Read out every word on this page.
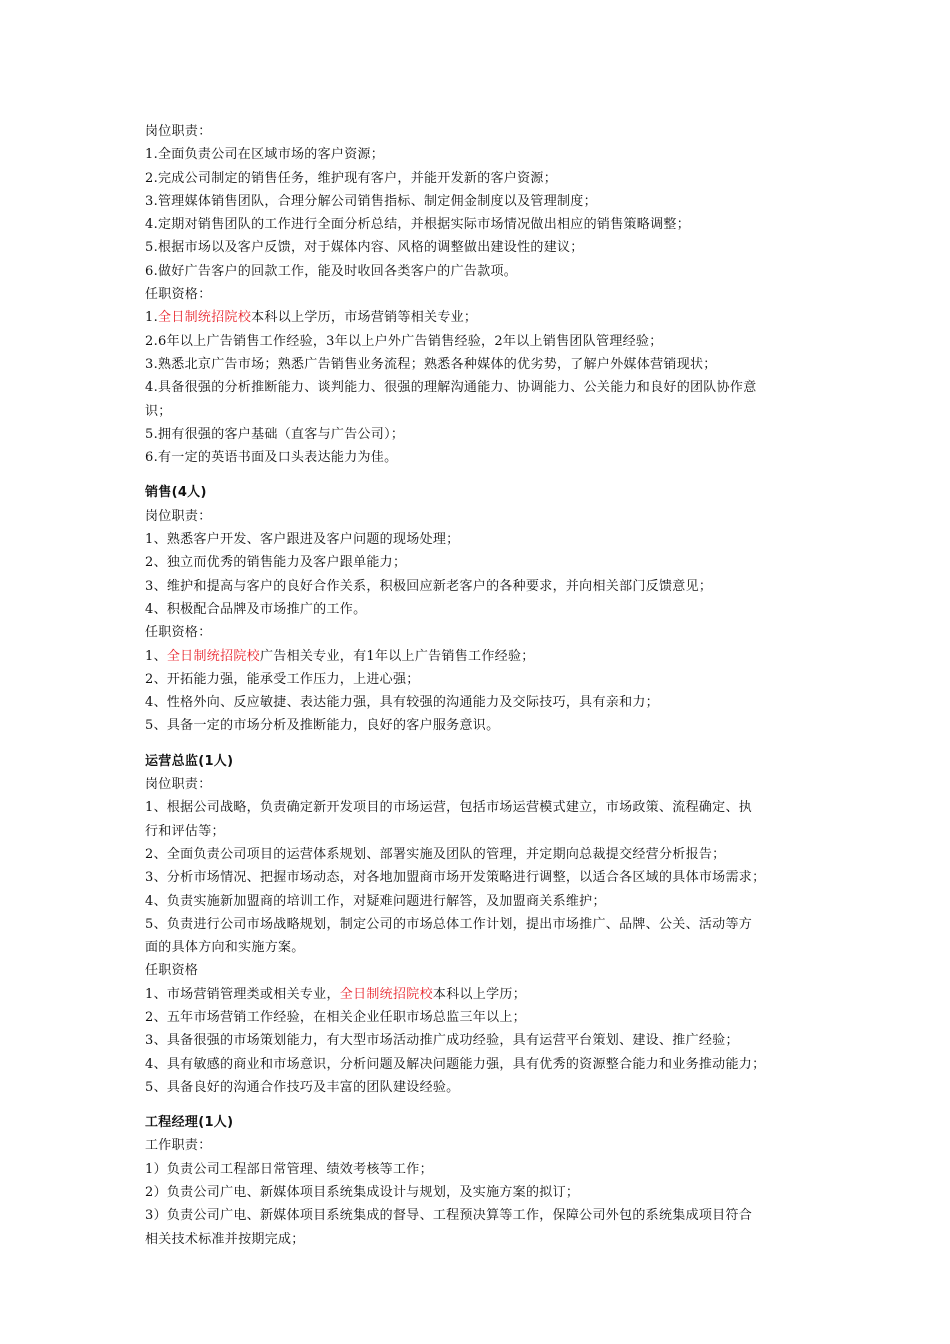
岗位职责：
1.全面负责公司在区域市场的客户资源；
2.完成公司制定的销售任务，维护现有客户，并能开发新的客户资源；
3.管理媒体销售团队，合理分解公司销售指标、制定佣金制度以及管理制度；
4.定期对销售团队的工作进行全面分析总结，并根据实际市场情况做出相应的销售策略调整；
5.根据市场以及客户反馈，对于媒体内容、风格的调整做出建设性的建议；
6.做好广告客户的回款工作，能及时收回各类客户的广告款项。
任职资格：
1.全日制统招院校本科以上学历，市场营销等相关专业；
2.6年以上广告销售工作经验，3年以上户外广告销售经验，2年以上销售团队管理经验；
3.熟悉北京广告市场；熟悉广告销售业务流程；熟悉各种媒体的优劣势，了解户外媒体营销现状；
4.具备很强的分析推断能力、谈判能力、很强的理解沟通能力、协调能力、公关能力和良好的团队协作意
识；
5.拥有很强的客户基础（直客与广告公司）；
6.有一定的英语书面及口头表达能力为佳。
销售(4人)
岗位职责：
1、熟悉客户开发、客户跟进及客户问题的现场处理；
2、独立而优秀的销售能力及客户跟单能力；
3、维护和提高与客户的良好合作关系，积极回应新老客户的各种要求，并向相关部门反馈意见；
4、积极配合品牌及市场推广的工作。
任职资格：
1、全日制统招院校广告相关专业，有1年以上广告销售工作经验；
2、开拓能力强，能承受工作压力，上进心强；
4、性格外向、反应敏捷、表达能力强，具有较强的沟通能力及交际技巧，具有亲和力；
5、具备一定的市场分析及推断能力，良好的客户服务意识。
运营总监(1人)
岗位职责：
1、根据公司战略，负责确定新开发项目的市场运营，包括市场运营模式建立，市场政策、流程确定、执
行和评估等；
2、全面负责公司项目的运营体系规划、部署实施及团队的管理，并定期向总裁提交经营分析报告；
3、分析市场情况、把握市场动态，对各地加盟商市场开发策略进行调整，以适合各区域的具体市场需求；
4、负责实施新加盟商的培训工作，对疑难问题进行解答，及加盟商关系维护；
5、负责进行公司市场战略规划，制定公司的市场总体工作计划，提出市场推广、品牌、公关、活动等方
面的具体方向和实施方案。
任职资格
1、市场营销管理类或相关专业，全日制统招院校本科以上学历；
2、五年市场营销工作经验，在相关企业任职市场总监三年以上；
3、具备很强的市场策划能力，有大型市场活动推广成功经验，具有运营平台策划、建设、推广经验；
4、具有敏感的商业和市场意识，分析问题及解决问题能力强，具有优秀的资源整合能力和业务推动能力；
5、具备良好的沟通合作技巧及丰富的团队建设经验。
工程经理(1人)
工作职责：
1）负责公司工程部日常管理、绩效考核等工作；
2）负责公司广电、新媒体项目系统集成设计与规划，及实施方案的拟订；
3）负责公司广电、新媒体项目系统集成的督导、工程预决算等工作，保障公司外包的系统集成项目符合
相关技术标准并按期完成；
